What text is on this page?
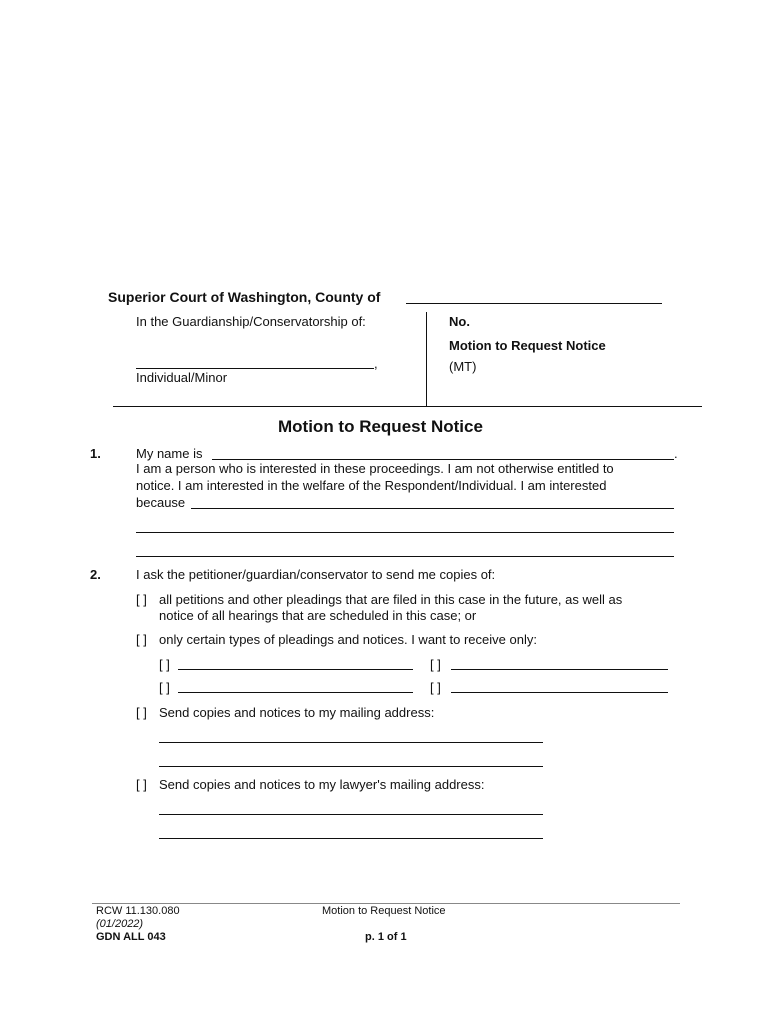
Superior Court of Washington, County of
In the Guardianship/Conservatorship of:
,
Individual/Minor
No.
Motion to Request Notice
(MT)
Motion to Request Notice
1.	My name is	.
I am a person who is interested in these proceedings. I am not otherwise entitled to
notice. I am interested in the welfare of the Respondent/Individual. I am interested
because
2.	I ask the petitioner/guardian/conservator to send me copies of:
[ ] all petitions and other pleadings that are filed in this case in the future, as well as
notice of all hearings that are scheduled in this case; or
[ ] only certain types of pleadings and notices. I want to receive only:
[ ]	[ ]
[ ]	[ ]
[ ] Send copies and notices to my mailing address:
[ ] Send copies and notices to my lawyer's mailing address:
RCW 11.130.080
(01/2022)
GDN ALL 043
Motion to Request Notice
p. 1 of 1
